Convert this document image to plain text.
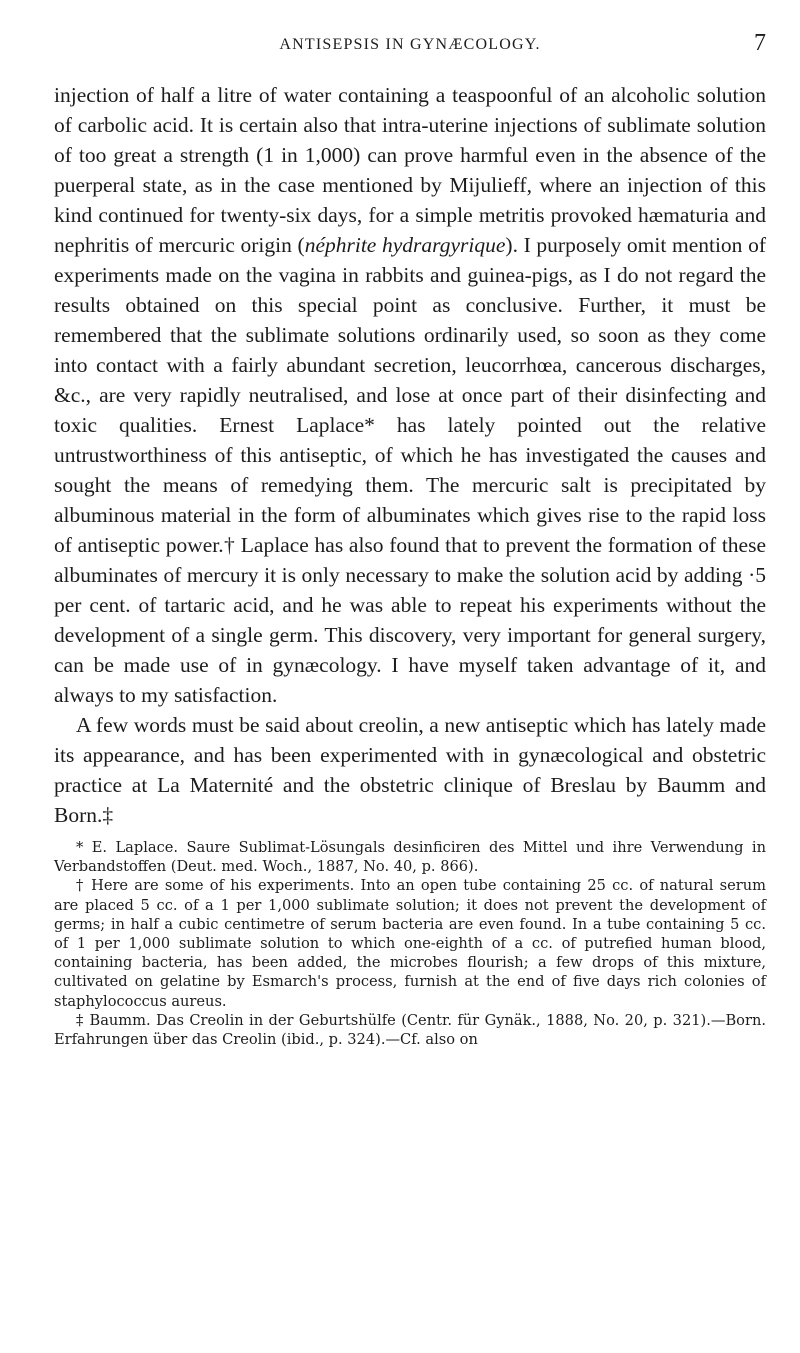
ANTISEPSIS IN GYNÆCOLOGY.	7

injection of half a litre of water containing a teaspoonful of an alcoholic solution of carbolic acid. It is certain also that intra-uterine injections of sublimate solution of too great a strength (1 in 1,000) can prove harmful even in the absence of the puerperal state, as in the case mentioned by Mijulieff, where an injection of this kind continued for twenty-six days, for a simple metritis provoked hæmaturia and nephritis of mercuric origin (néphrite hydrargyrique). I purposely omit mention of experiments made on the vagina in rabbits and guinea-pigs, as I do not regard the results obtained on this special point as conclusive. Further, it must be remembered that the sublimate solutions ordinarily used, so soon as they come into contact with a fairly abundant secretion, leucorrhœa, cancerous discharges, &c., are very rapidly neutralised, and lose at once part of their disinfecting and toxic qualities. Ernest Laplace* has lately pointed out the relative untrustworthiness of this antiseptic, of which he has investigated the causes and sought the means of remedying them. The mercuric salt is precipitated by albuminous material in the form of albuminates which gives rise to the rapid loss of antiseptic power.† Laplace has also found that to prevent the formation of these albuminates of mercury it is only necessary to make the solution acid by adding ·5 per cent. of tartaric acid, and he was able to repeat his experiments without the development of a single germ. This discovery, very important for general surgery, can be made use of in gynæcology. I have myself taken advantage of it, and always to my satisfaction.

A few words must be said about creolin, a new antiseptic which has lately made its appearance, and has been experimented with in gynæcological and obstetric practice at La Maternité and the obstetric clinique of Breslau by Baumm and Born.‡

* E. Laplace. Saure Sublimat-Lösungals desinficiren des Mittel und ihre Verwendung in Verbandstoffen (Deut. med. Woch., 1887, No. 40, p. 866).

† Here are some of his experiments. Into an open tube containing 25 cc. of natural serum are placed 5 cc. of a 1 per 1,000 sublimate solution; it does not prevent the development of germs; in half a cubic centimetre of serum bacteria are even found. In a tube containing 5 cc. of 1 per 1,000 sublimate solution to which one-eighth of a cc. of putrefied human blood, containing bacteria, has been added, the microbes flourish; a few drops of this mixture, cultivated on gelatine by Esmarch's process, furnish at the end of five days rich colonies of staphylococcus aureus.

‡ Baumm. Das Creolin in der Geburtshülfe (Centr. für Gynäk., 1888, No. 20, p. 321).—Born. Erfahrungen über das Creolin (ibid., p. 324).—Cf. also on
